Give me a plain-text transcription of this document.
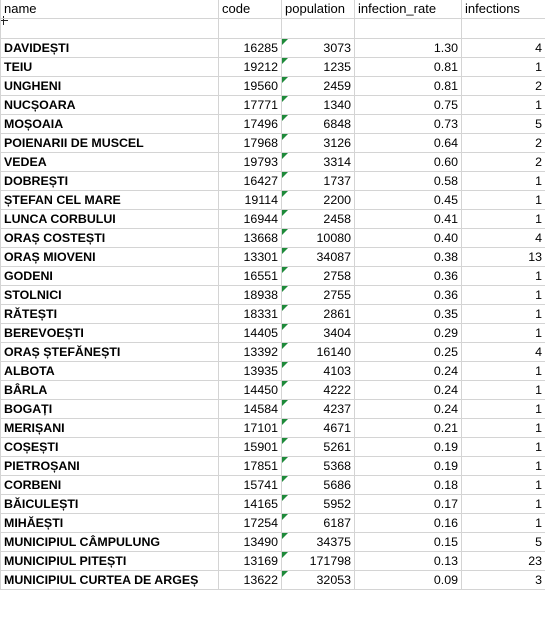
name	code	population	infection_rate	infections

DAVIDEȘTI	16285	3073	1.30	4
TEIU	19212	1235	0.81	1
UNGHENI	19560	2459	0.81	2
NUCȘOARA	17771	1340	0.75	1
MOȘOAIA	17496	6848	0.73	5
POIENARII DE MUSCEL	17968	3126	0.64	2
VEDEA	19793	3314	0.60	2
DOBREȘTI	16427	1737	0.58	1
ȘTEFAN CEL MARE	19114	2200	0.45	1
LUNCA CORBULUI	16944	2458	0.41	1
ORAȘ COSTEȘTI	13668	10080	0.40	4
ORAȘ MIOVENI	13301	34087	0.38	13
GODENI	16551	2758	0.36	1
STOLNICI	18938	2755	0.36	1
RĂTEȘTI	18331	2861	0.35	1
BEREVOEȘTI	14405	3404	0.29	1
ORAȘ ȘTEFĂNEȘTI	13392	16140	0.25	4
ALBOTA	13935	4103	0.24	1
BÂRLA	14450	4222	0.24	1
BOGAȚI	14584	4237	0.24	1
MERIȘANI	17101	4671	0.21	1
COȘEȘTI	15901	5261	0.19	1
PIETROȘANI	17851	5368	0.19	1
CORBENI	15741	5686	0.18	1
BĂICULEȘTI	14165	5952	0.17	1
MIHĂEȘTI	17254	6187	0.16	1
MUNICIPIUL CÂMPULUNG	13490	34375	0.15	5
MUNICIPIUL PITEȘTI	13169	171798	0.13	23
MUNICIPIUL CURTEA DE ARGEȘ	13622	32053	0.09	3
